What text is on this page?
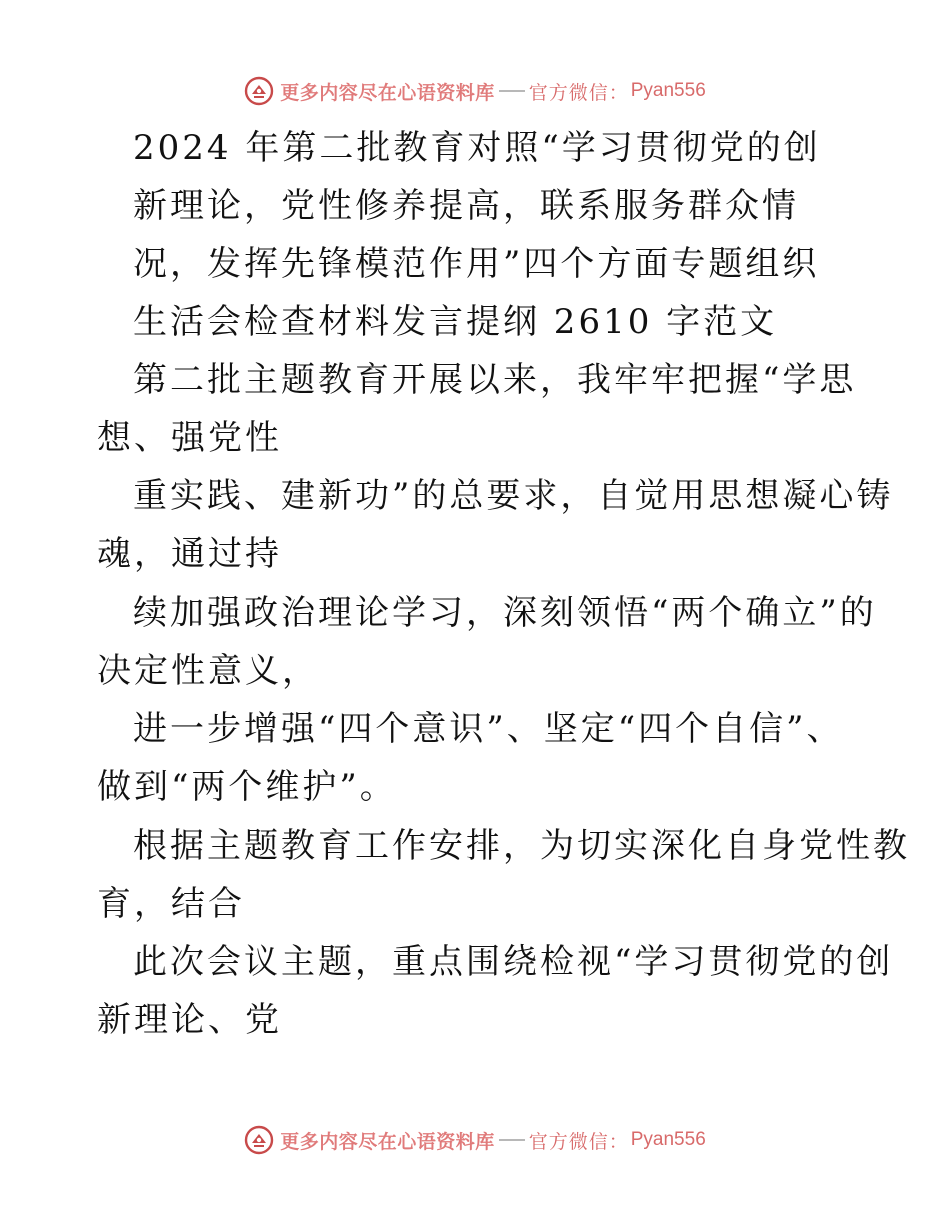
更多内容尽在心语资料库 官方微信： Pyan556
2024 年第二批教育对照“学习贯彻党的创
新理论，党性修养提高，联系服务群众情
况，发挥先锋模范作用”四个方面专题组织
生活会检查材料发言提纲 2610 字范文
第二批主题教育开展以来，我牢牢把握“学思
想、强党性
重实践、建新功”的总要求，自觉用思想凝心铸
魂，通过持
续加强政治理论学习，深刻领悟“两个确立”的
决定性意义，
进一步增强“四个意识”、坚定“四个自信”、
做到“两个维护”。
根据主题教育工作安排，为切实深化自身党性教
育，结合
此次会议主题，重点围绕检视“学习贯彻党的创
新理论、党
更多内容尽在心语资料库 官方微信： Pyan556
